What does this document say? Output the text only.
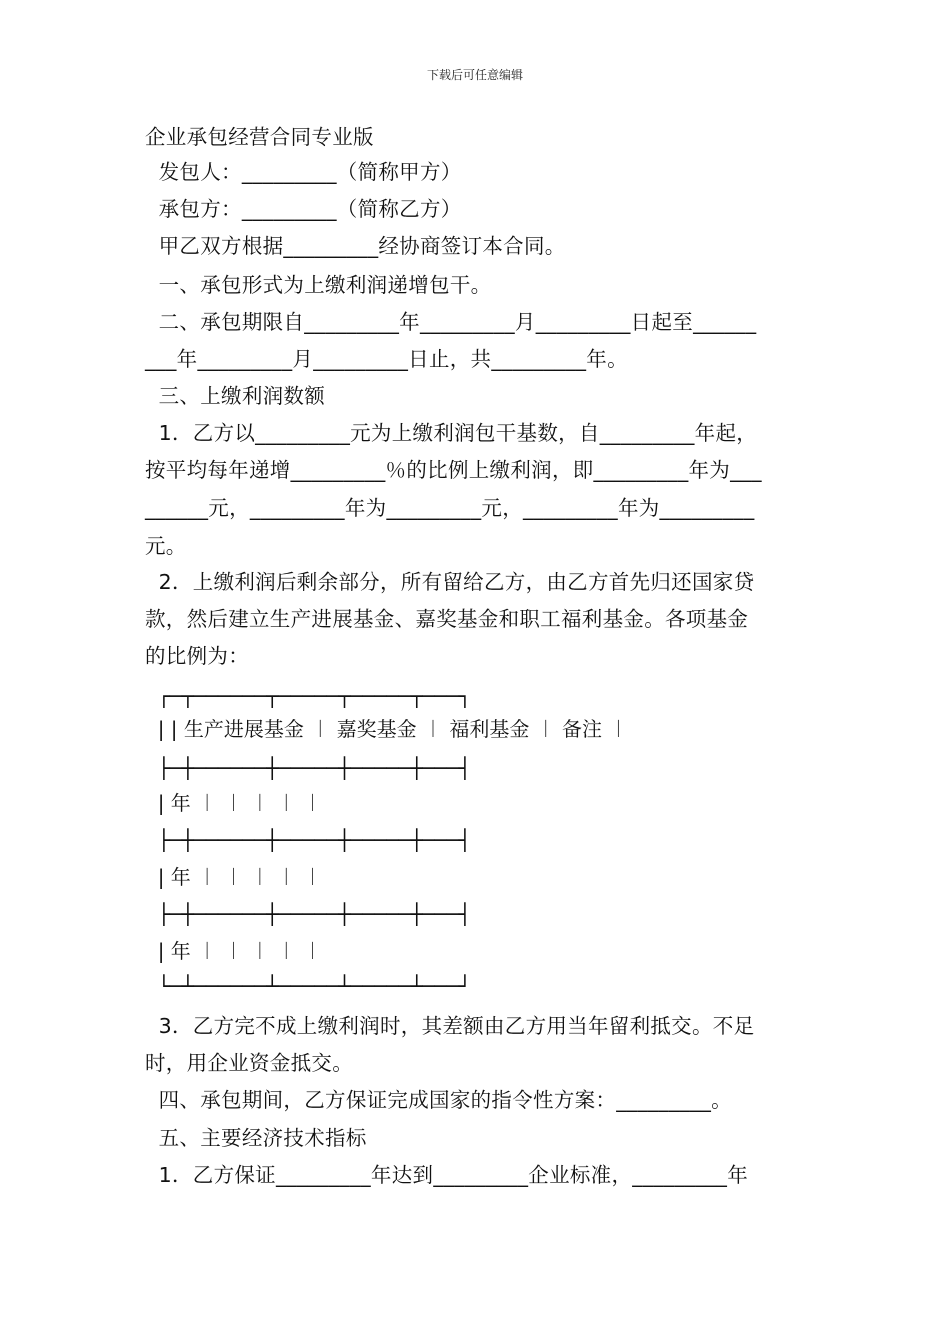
下载后可任意编辑
企业承包经营合同专业版
发包人：_________（简称甲方）
承包方：_________（简称乙方）
甲乙双方根据_________经协商签订本合同。
一、承包形式为上缴利润递增包干。
二、承包期限自_________年_________月_________日起至______
___年_________月_________日止，共_________年。
三、上缴利润数额
1．乙方以_________元为上缴利润包干基数，自_________年起，
按平均每年递增_________％的比例上缴利润，即_________年为___
______元，_________年为_________元，_________年为_________
元。
2．上缴利润后剩余部分，所有留给乙方，由乙方首先归还国家贷
款，然后建立生产进展基金、嘉奖基金和职工福利基金。各项基金
的比例为：
┌─┬──────┬─────┬─────┬───┐
| | 生产进展基金 ︱ 嘉奖基金 ︱ 福利基金 ︱ 备注 ︱
├─┼──────┼─────┼─────┼───┤
| 年 ︱ ︱ ︱ ︱ ︱
├─┼──────┼─────┼─────┼───┤
| 年 ︱ ︱ ︱ ︱ ︱
├─┼──────┼─────┼─────┼───┤
| 年 ︱ ︱ ︱ ︱ ︱
└─┴──────┴─────┴─────┴───┘
3．乙方完不成上缴利润时，其差额由乙方用当年留利抵交。不足
时，用企业资金抵交。
四、承包期间，乙方保证完成国家的指令性方案：_________。
五、主要经济技术指标
1．乙方保证_________年达到_________企业标准，_________年
